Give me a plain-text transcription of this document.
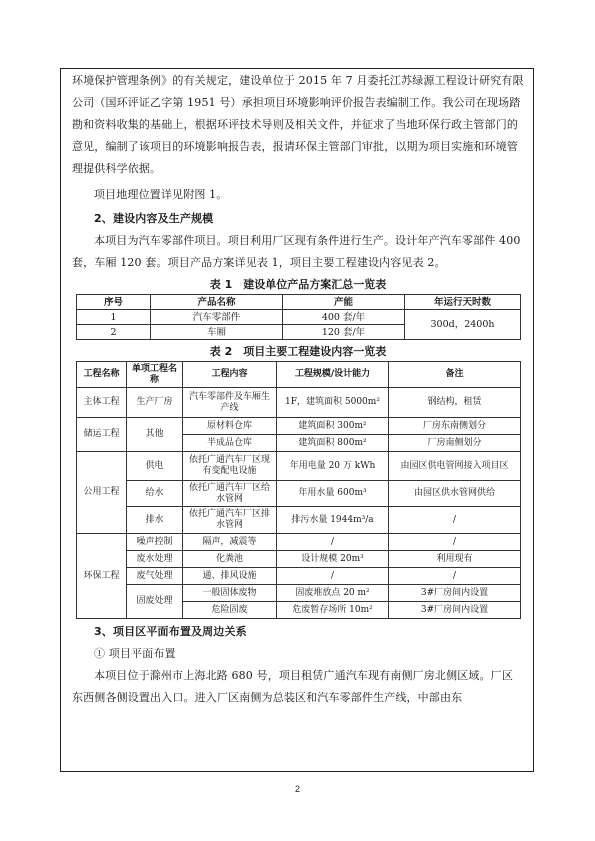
环境保护管理条例》的有关规定，建设单位于 2015 年 7 月委托江苏绿源工程设计研究有限公司（国环评证乙字第 1951 号）承担项目环境影响评价报告表编制工作。我公司在现场踏勘和资料收集的基础上，根据环评技术导则及相关文件，并征求了当地环保行政主管部门的意见，编制了该项目的环境影响报告表，报请环保主管部门审批，以期为项目实施和环境管理提供科学依据。

项目地理位置详见附图 1。

2、建设内容及生产规模

本项目为汽车零部件项目。项目利用厂区现有条件进行生产。设计年产汽车零部件 400 套，车厢 120 套。项目产品方案详见表 1，项目主要工程建设内容见表 2。

表 1　建设单位产品方案汇总一览表
序号	产品名称	产能	年运行天时数
1	汽车零部件	400 套/年	300d，2400h
2	车厢	120 套/年	
表 2　项目主要工程建设内容一览表
工程名称	单项工程名称	工程内容	工程规模/设计能力	备注
主体工程	生产厂房	汽车零部件及车厢生产线	1F，建筑面积 5000m²	钢结构，租赁
储运工程	其他	原材料仓库	建筑面积 300m²	厂房东南侧划分
		半成品仓库	建筑面积 800m²	厂房南侧划分
公用工程	供电	依托广通汽车厂区现有变配电设施	年用电量 20 万 kWh	由园区供电管网接入项目区
	给水	依托广通汽车厂区给水管网	年用水量 600m³	由园区供水管网供给
	排水	依托广通汽车厂区排水管网	排污水量 1944m³/a	/
环保工程	噪声控制	隔声，减震等	/	/
	废水处理	化粪池	设计规模 20m³	利用现有
	废气处理	通、排风设施	/	/
	固废处理	一般固体废物	固废堆放点 20 m²	3#厂房间内设置
		危险固废	危废暂存场所 10m²	3#厂房间内设置

3、项目区平面布置及周边关系

① 项目平面布置

本项目位于滁州市上海北路 680 号，项目租赁广通汽车现有南侧厂房北侧区域。厂区东西侧各侧设置出入口。进入厂区南侧为总装区和汽车零部件生产线，中部由东

2
